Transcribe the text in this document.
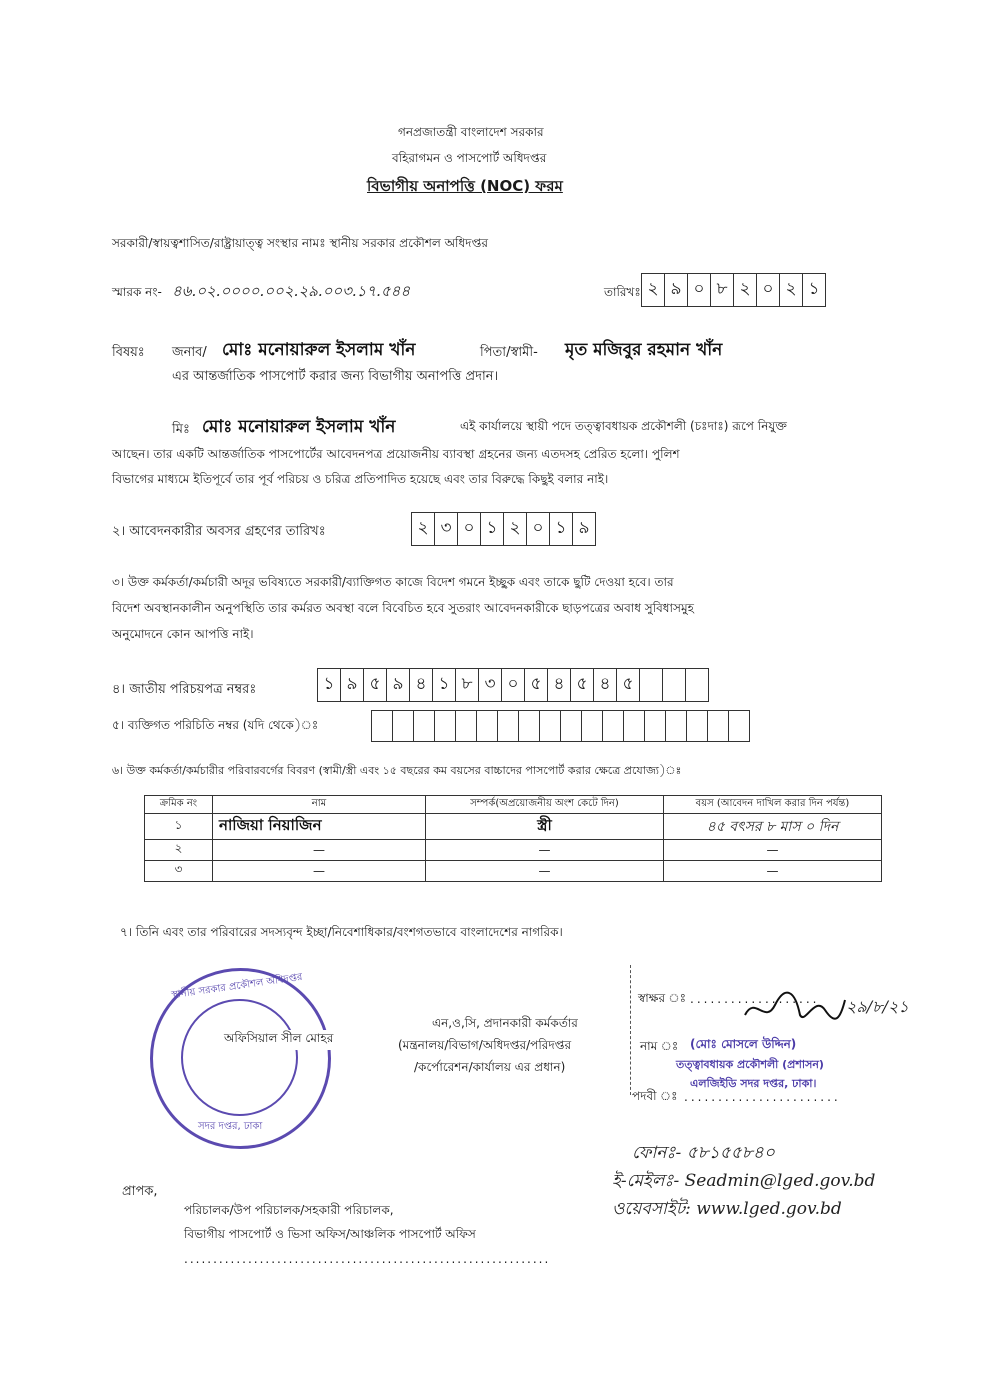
গনপ্রজাতন্ত্রী বাংলাদেশ সরকার
বহিরাগমন ও পাসপোর্ট অধিদপ্তর
বিভাগীয় অনাপত্তি (NOC) ফরম
সরকারী/স্বায়ত্বশাসিত/রাষ্ট্রায়াত্ত্ব সংস্থার নামঃ স্থানীয় সরকার প্রকৌশল অধিদপ্তর
স্মারক নং- ৪৬.০২.০০০০.০০২.২৯.০০৩.১৭.৫৪৪	তারিখঃ ২ ৯ ০ ৮ ২ ০ ২ ১
বিষয়ঃ জনাব/ মোঃ মনোয়ারুল ইসলাম খাঁন	পিতা/স্বামী- মৃত মজিবুর রহমান খাঁন
এর আন্তর্জাতিক পাসপোর্ট করার জন্য বিভাগীয় অনাপত্তি প্রদান।
মিঃ মোঃ মনোয়ারুল ইসলাম খাঁন	এই কার্যালয়ে স্থায়ী পদে তত্ত্বাবধায়ক প্রকৌশলী (চঃদাঃ) রূপে নিযুক্ত
আছেন। তার একটি আন্তর্জাতিক পাসপোর্টের আবেদনপত্র প্রয়োজনীয় ব্যাবস্থা গ্রহনের জন্য এতদসহ প্রেরিত হলো। পুলিশ
বিভাগের মাধ্যমে ইতিপূর্বে তার পূর্ব পরিচয় ও চরিত্র প্রতিপাদিত হয়েছে এবং তার বিরুদ্ধে কিছুই বলার নাই।
২। আবেদনকারীর অবসর গ্রহণের তারিখঃ	২ ৩ ০ ১ ২ ০ ১ ৯
৩। উক্ত কর্মকর্তা/কর্মচারী অদূর ভবিষ্যতে সরকারী/ব্যাক্তিগত কাজে বিদেশ গমনে ইচ্ছুক এবং তাকে ছুটি দেওয়া হবে। তার
বিদেশ অবস্থানকালীন অনুপস্থিতি তার কর্মরত অবস্থা বলে বিবেচিত হবে সুতরাং আবেদনকারীকে ছাড়পত্রের অবাধ সুবিধাসমুহ
অনুমোদনে কোন আপত্তি নাই।
৪। জাতীয় পরিচয়পত্র নম্বরঃ	১ ৯ ৫ ৯ ৪ ১ ৮ ৩ ০ ৫ ৪ ৫ ৪ ৫
৫। ব্যক্তিগত পরিচিতি নম্বর (যদি থেকে)ঃ
৬। উক্ত কর্মকর্তা/কর্মচারীর পরিবারবর্গের বিবরণ (স্বামী/স্ত্রী এবং ১৫ বছরের কম বয়সের বাচ্চাদের পাসপোর্ট করার ক্ষেত্রে প্রযোজ্য)ঃ
ক্রমিক নং	নাম	সম্পর্ক(অপ্রয়োজনীয় অংশ কেটে দিন)	বয়স (আবেদন দাখিল করার দিন পর্যন্ত)
১	নাজিয়া নিয়াজিন	স্ত্রী	৪৫ বৎসর ৮ মাস ০ দিন
২	—	—	—
৩	—	—	—
৭। তিনি এবং তার পরিবারের সদস্যবৃন্দ ইচ্ছা/নিবেশাধিকার/বংশগতভাবে বাংলাদেশের নাগরিক।
স্থানীয় সরকার প্রকৌশল অধিদপ্তর
সদর দপ্তর, ঢাকা
অফিসিয়াল সীল মোহর
এন,ও,সি, প্রদানকারী কর্মকর্তার
(মন্ত্রনালয়/বিভাগ/অধিদপ্তর/পরিদপ্তর
/কর্পোরেশন/কার্যালয় এর প্রধান)
স্বাক্ষর ঃ ................... ২৯/৮/২১
নাম ঃ (মোঃ মোসলে উদ্দিন)
তত্ত্বাবধায়ক প্রকৌশলী (প্রশাসন)
এলজিইডি সদর দপ্তর, ঢাকা।
পদবী ঃ .......................
ফোনঃ- ৫৮১৫৫৮৪০
ই-মেইলঃ- Seadmin@lged.gov.bd
ওয়েবসাইট: www.lged.gov.bd
প্রাপক,
পরিচালক/উপ পরিচালক/সহকারী পরিচালক,
বিভাগীয় পাসপোর্ট ও ভিসা অফিস/আঞ্চলিক পাসপোর্ট অফিস
...............................................................
